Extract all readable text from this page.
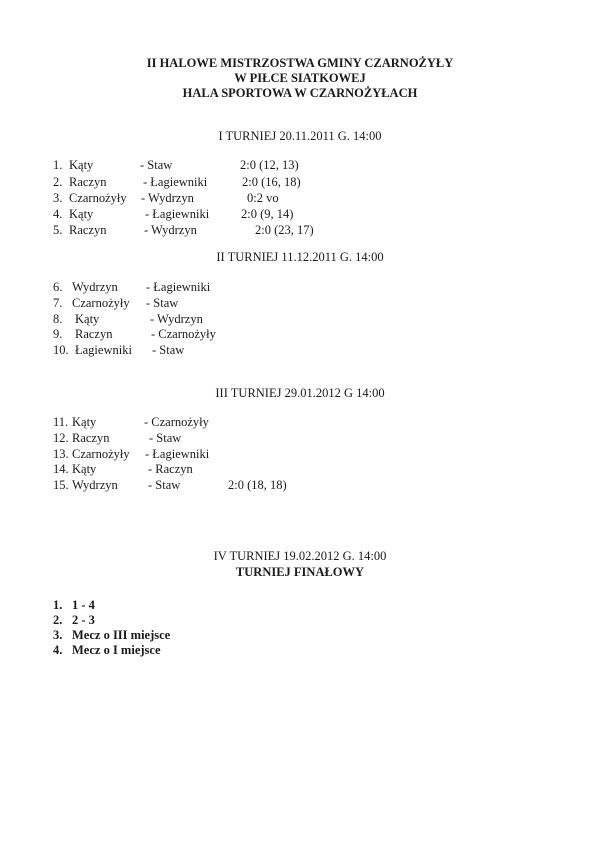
II HALOWE MISTRZOSTWA GMINY CZARNOŻYŁY
W PIŁCE SIATKOWEJ
HALA SPORTOWA W CZARNOŻYŁACH
I TURNIEJ 20.11.2011 G. 14:00
1. Kąty	- Staw	2:0 (12, 13)
2. Raczyn	- Łagiewniki	2:0 (16, 18)
3. Czarnożyły - Wydrzyn	0:2 vo
4. Kąty	- Łagiewniki	2:0 (9, 14)
5. Raczyn	- Wydrzyn	2:0 (23, 17)
II TURNIEJ 11.12.2011 G. 14:00
6. Wydrzyn - Łagiewniki
7. Czarnożyły - Staw
8. Kąty	- Wydrzyn
9. Raczyn	- Czarnożyły
10. Łagiewniki - Staw
III TURNIEJ 29.01.2012 G 14:00
11. Kąty	- Czarnożyły
12. Raczyn	- Staw
13. Czarnożyły - Łagiewniki
14. Kąty	- Raczyn
15. Wydrzyn - Staw	2:0 (18, 18)
IV TURNIEJ 19.02.2012 G. 14:00
TURNIEJ FINAŁOWY
1. 1 - 4
2. 2 - 3
3. Mecz o III miejsce
4. Mecz o I miejsce
